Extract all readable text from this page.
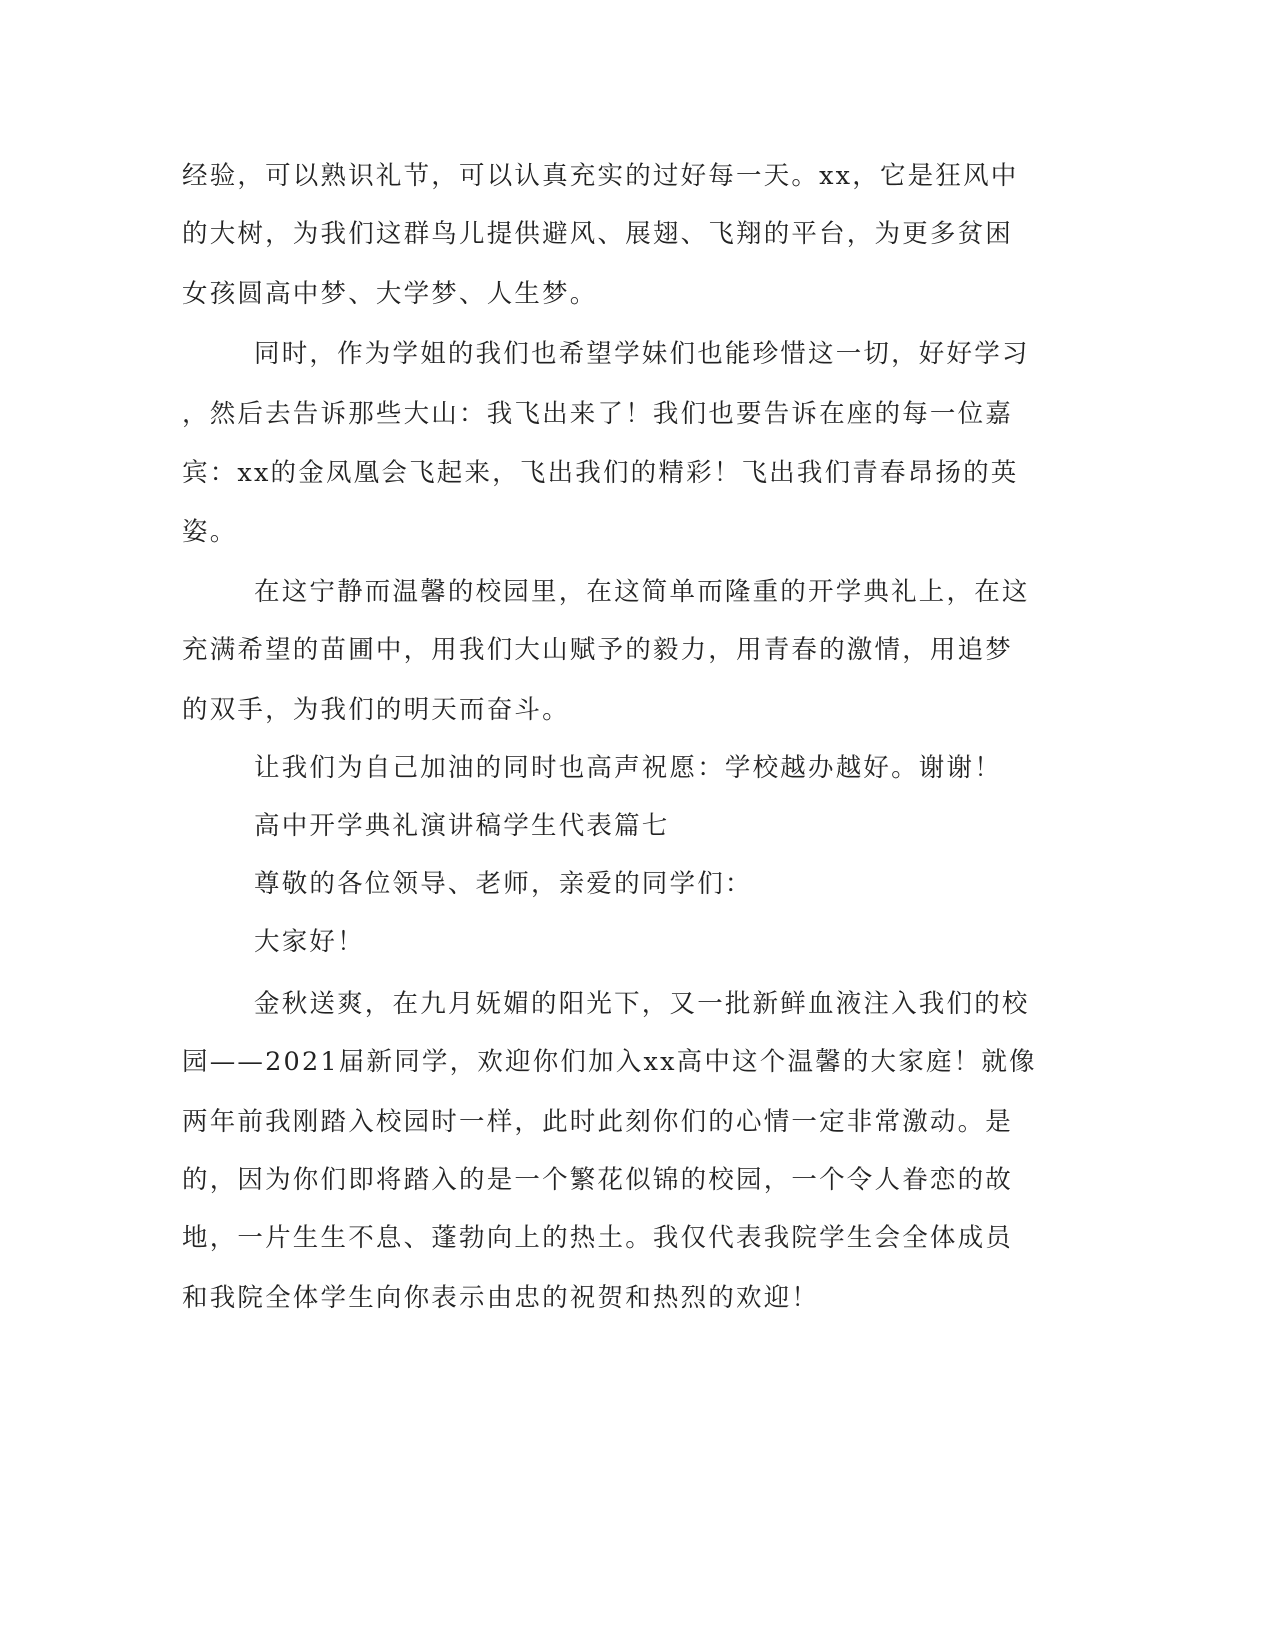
经验，可以熟识礼节，可以认真充实的过好每一天。xx，它是狂风中
的大树，为我们这群鸟儿提供避风、展翅、飞翔的平台，为更多贫困
女孩圆高中梦、大学梦、人生梦。
同时，作为学姐的我们也希望学妹们也能珍惜这一切，好好学习
，然后去告诉那些大山：我飞出来了！我们也要告诉在座的每一位嘉
宾：xx的金凤凰会飞起来，飞出我们的精彩！飞出我们青春昂扬的英
姿。
在这宁静而温馨的校园里，在这简单而隆重的开学典礼上，在这
充满希望的苗圃中，用我们大山赋予的毅力，用青春的激情，用追梦
的双手，为我们的明天而奋斗。
让我们为自己加油的同时也高声祝愿：学校越办越好。谢谢！
高中开学典礼演讲稿学生代表篇七
尊敬的各位领导、老师，亲爱的同学们：
大家好！
金秋送爽，在九月妩媚的阳光下，又一批新鲜血液注入我们的校
园——2021届新同学，欢迎你们加入xx高中这个温馨的大家庭！就像
两年前我刚踏入校园时一样，此时此刻你们的心情一定非常激动。是
的，因为你们即将踏入的是一个繁花似锦的校园，一个令人眷恋的故
地，一片生生不息、蓬勃向上的热土。我仅代表我院学生会全体成员
和我院全体学生向你表示由忠的祝贺和热烈的欢迎！
